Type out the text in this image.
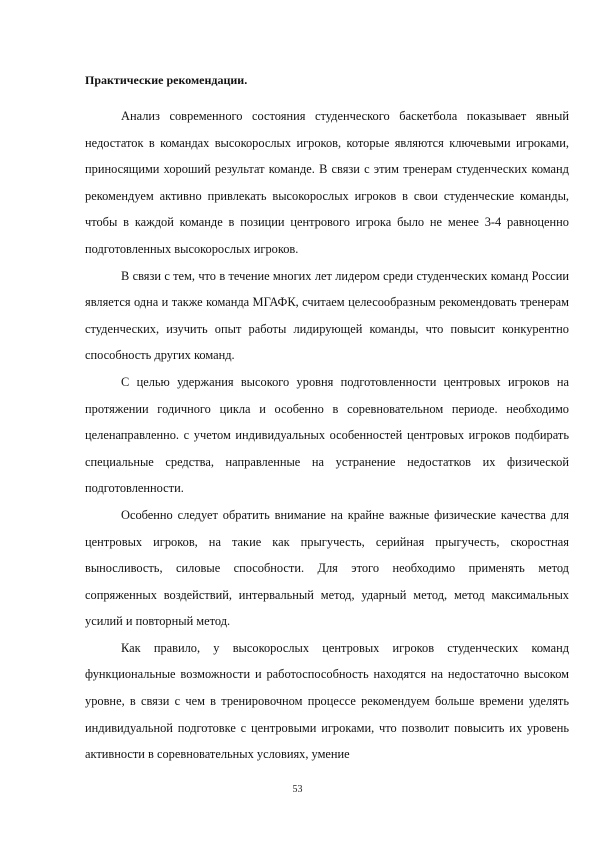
Практические рекомендации.

Анализ современного состояния студенческого баскетбола показывает явный недостаток в командах высокорослых игроков, которые являются ключевыми игроками, приносящими хороший результат команде. В связи с этим тренерам студенческих команд рекомендуем активно привлекать высокорослых игроков в свои студенческие команды, чтобы в каждой команде в позиции центрового игрока было не менее 3-4 равноценно подготовленных высокорослых игроков.

В связи с тем, что в течение многих лет лидером среди студенческих команд России является одна и также команда МГАФК, считаем целесообразным рекомендовать тренерам студенческих, изучить опыт работы лидирующей команды, что повысит конкурентно способность других команд.

С целью удержания высокого уровня подготовленности центровых игроков на протяжении годичного цикла и особенно в соревновательном периоде. необходимо целенаправленно. с учетом индивидуальных особенностей центровых игроков подбирать специальные средства, направленные на устранение недостатков их физической подготовленности.

Особенно следует обратить внимание на крайне важные физические качества для центровых игроков, на такие как прыгучесть, серийная прыгучесть, скоростная выносливость, силовые способности. Для этого необходимо применять метод сопряженных воздействий, интервальный метод, ударный метод, метод максимальных усилий и повторный метод.

Как правило, у высокорослых центровых игроков студенческих команд функциональные возможности и работоспособность находятся на недостаточно высоком уровне, в связи с чем в тренировочном процессе рекомендуем больше времени уделять индивидуальной подготовке с центровыми игроками, что позволит повысить их уровень активности в соревновательных условиях, умение

53
